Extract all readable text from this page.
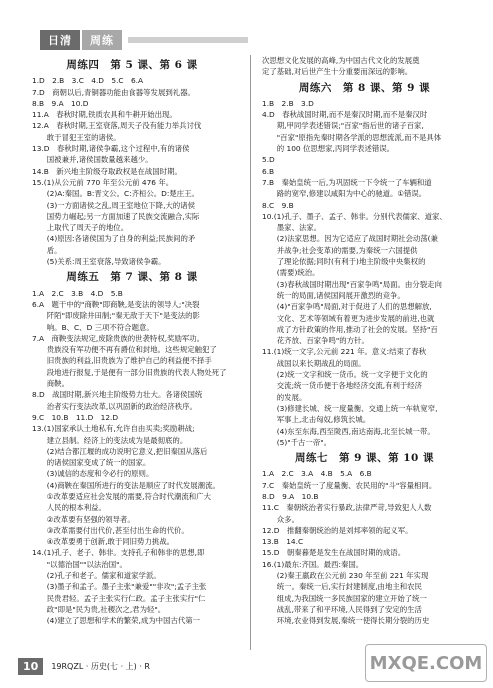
日清	周练
周练四　第 5 课、第 6 课
1.D　2.B　3.C　4.D　5.C　6.A
7.D　商朝以后,青铜器功能由食器等发展到礼器。
8.B　9.A　10.D
11.A　春秋时期,铁质农具和牛耕开始出现。
12.A　春秋时期,王室衰落,周天子没有能力举兵讨伐
　　敢于冒犯王室的诸侯。
13.D　春秋时期,诸侯争霸,这个过程中,有的诸侯
　　国被兼并,诸侯国数量越来越少。
14.B　新兴地主阶级夺取政权是在战国时期。
15.(1)从公元前 770 年至公元前 476 年。
　　(2)A:秦国。B:晋文公。C:齐桓公。D:楚庄王。
　　(3)一方面诸侯之乱,周王室地位下降,大的诸侯
　　国势力崛起;另一方面加速了民族交流融合,实际
　　上取代了周天子的地位。
　　(4)原因:各诸侯国为了自身的利益;民族间的矛
　　盾。
　　(5)关系:周王室衰落,导致诸侯争霸。
周练五　第 7 课、第 8 课
1.A　2.C　3.B　4.D　5.B
6.A　题干中的"商鞅"即商鞅,是变法的领导人;"决裂
　　阡陌"即废除井田制;"秦无敌于天下"是变法的影
　　响。B、C、D 三项不符合题意。
7.A　商鞅变法规定,废除贵族的世袭特权,奖励军功。
　　贵族没有军功便不再有爵位和封地。这些规定触犯了
　　旧贵族的利益,旧贵族为了维护自己的利益便不择手
　　段地进行报复,于是便有一部分旧贵族的代表人物处死了
　　商鞅。
8.D　战国时期,新兴地主阶级势力壮大。各诸侯国统
　　治者实行变法改革,以巩固新的政治经济秩序。
9.C　10.B　11.D　12.D
13.(1)国家承认土地私有,允许自由买卖;奖励耕战;
　　建立县制。经济上的变法成为是最彻底的。
　　(2)结合都江堰的成功说明它意义,把旧秦国从落后
　　的诸侯国家变成了统一的国家。
　　(3)诚信的态度和令必行的原则。
　　(4)商鞅在秦国所进行的变法是顺应了时代发展潮流。
　　①改革要适应社会发展的需要,符合时代潮流和广大
　　人民的根本利益。
　　②改革要有坚强的领导者。
　　③改革需要付出代价,甚至付出生命的代价。
　　④改革要勇于创新,敢于同旧势力挑战。
14.(1)孔子、老子、韩非。支持孔子和韩非的思想,即
　　"以德治国""以法治国"。
　　(2)孔子和老子。儒家和道家学派。
　　(3)墨子和孟子。墨子主张"兼爱""非攻";孟子主张
　　民贵君轻。孟子主张实行仁政。孟子主张实行"仁
　　政"即是"民为贵,社稷次之,君为轻"。
　　(4)建立了思想和学术的繁荣,成为中国古代第一
次思想文化发展的高峰,为中国古代文化的发展奠
定了基础,对后世产生十分重要而深远的影响。
周练六　第 8 课、第 9 课
1.B　2.B　3.D
4.D　春秋战国时期,而不是秦汉时期,而不是秦汉时
　　期,甲同学表述错误;"百家"指后世的诸子百家,
　　"百家"原指先秦时期各学派的思想流派,而不是具体
　　的 100 位思想家,丙同学表述错误。
5.D
6.B
7.B　秦始皇统一后,为巩固统一下令统一了车辆和道
　　路的宽窄,修建以咸阳为中心的驰道。①错误。
8.C　9.B
10.(1)孔子、墨子、孟子、韩非。分别代表儒家、道家、
　　墨家、法家。
　　(2)法家思想。因为它适应了战国时期社会动荡(兼
　　并战争;社会变革)的需要,为秦统一六国提供
　　了理论依据;同时(有利于)地主阶级中央集权的
　　(需要)统治。
　　(3)春秋战国时期出现"百家争鸣"局面。由分裂走向
　　统一的局面,诸侯国间展开激烈的竞争。
　　(4)"百家争鸣"局面,对于促进了人们的思想解放,
　　文化、艺术等领域有着更为进步发展的前进,也就
　　成了方针政策的作用,推动了社会的发展。坚持"百
　　花齐放、百家争鸣"的方针。
11.(1)统一文字,公元前 221 年。意义:结束了春秋
　　战国以来长期战乱的局面。
　　(2)统一文字和统一货币。统一文字便于文化的
　　交流;统一货币便于各地经济交流,有利于经济
　　的发展。
　　(3)修建长城、统一度量衡、交通上统一车轨宽窄,
　　军事上,北击匈奴,修筑长城。
　　(4)东至东海,西至陇西,南达南海,北至长城一带。
　　(5)"千古一帝"。
周练七　第 9 课、第 10 课
1.A　2.C　3.A　4.B　5.A　6.B
7.C　秦始皇统一了度量衡、农民用的"斗"容量相同。
8.D　9.A　10.B
11.C　秦朝统治者实行暴政,法律严苛,导致犯人人数
　　众多。
12.D　推翻秦朝统治的是刘邦率领的起义军。
13.B　14.C
15.D　朝秦暮楚是发生在战国时期的成语。
16.(1)最东:齐国。最西:秦国。
　　(2)秦王嬴政在公元前 230 年至前 221 年实现
　　统一。秦统一后,实行封建制度,由地主和农民
　　组成,为我国统一多民族国家的建立开始了统一
　　战乱,带来了和平环境,人民得到了安定的生活
　　环境,农业得到发展,秦统一使得长期分裂的历史
10	19RQZL · 历史(七 · 上) · R	MXQE.COM
